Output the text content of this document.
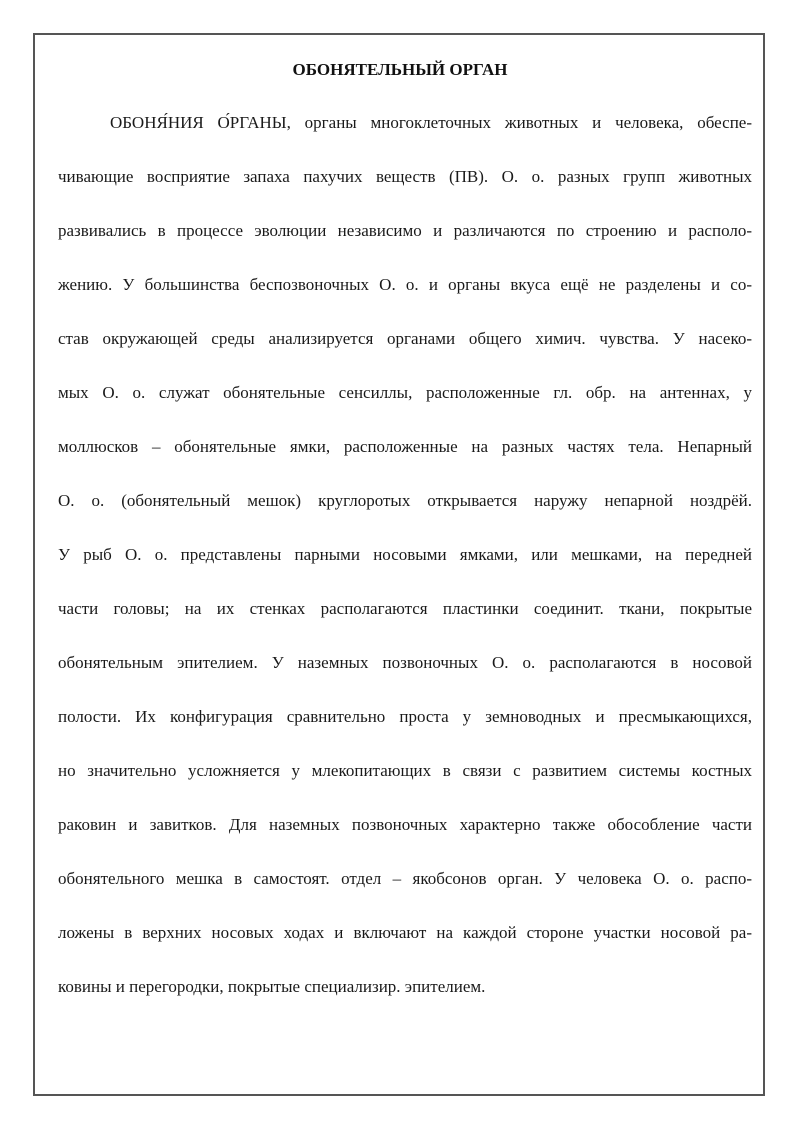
ОБОНЯТЕЛЬНЫЙ ОРГАН
ОБОНЯ́НИЯ О́РГАНЫ, органы многоклеточных животных и человека, обеспе-
чивающие восприятие запаха пахучих веществ (ПВ). О. о. разных групп животных
развивались в процессе эволюции независимо и различаются по строению и располо-
жению. У большинства беспозвоночных О. о. и органы вкуса ещё не разделены и со-
став окружающей среды анализируется органами общего химич. чувства. У насеко-
мых О. о. служат обонятельные сенсиллы, расположенные гл. обр. на антеннах, у
моллюсков – обонятельные ямки, расположенные на разных частях тела. Непарный
О. о. (обонятельный мешок) круглоротых открывается наружу непарной ноздрёй.
У рыб О. о. представлены парными носовыми ямками, или мешками, на передней
части головы; на их стенках располагаются пластинки соединит. ткани, покрытые
обонятельным эпителием. У наземных позвоночных О. о. располагаются в носовой
полости. Их конфигурация сравнительно проста у земноводных и пресмыкающихся,
но значительно усложняется у млекопитающих в связи с развитием системы костных
раковин и завитков. Для наземных позвоночных характерно также обособление части
обонятельного мешка в самостоят. отдел – якобсонов орган. У человека О. о. распо-
ложены в верхних носовых ходах и включают на каждой стороне участки носовой ра-
ковины и перегородки, покрытые специализир. эпителием.
